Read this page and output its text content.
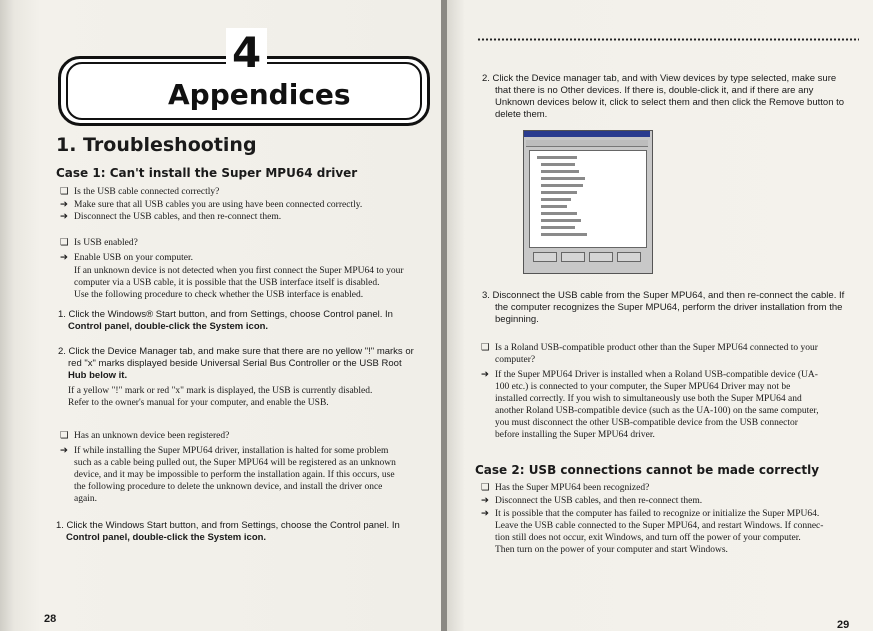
4
Appendices
1. Troubleshooting
Case 1: Can't install the Super MPU64 driver
❑ Is the USB cable connected correctly?
➔ Make sure that all USB cables you are using have been connected correctly.
➔ Disconnect the USB cables, and then re-connect them.
❑ Is USB enabled?
➔ Enable USB on your computer.
If an unknown device is not detected when you first connect the Super MPU64 to your
computer via a USB cable, it is possible that the USB interface itself is disabled.
Use the following procedure to check whether the USB interface is enabled.
1. Click the Windows® Start button, and from Settings, choose Control panel. In
Control panel, double-click the System icon.
2. Click the Device Manager tab, and make sure that there are no yellow "!" marks or
red "x" marks displayed beside Universal Serial Bus Controller or the USB Root
Hub below it.
If a yellow "!" mark or red "x" mark is displayed, the USB is currently disabled.
Refer to the owner's manual for your computer, and enable the USB.
❑ Has an unknown device been registered?
➔ If while installing the Super MPU64 driver, installation is halted for some problem
such as a cable being pulled out, the Super MPU64 will be registered as an unknown
device, and it may be impossible to perform the installation again. If this occurs, use
the following procedure to delete the unknown device, and install the driver once
again.
1. Click the Windows Start button, and from Settings, choose the Control panel. In
Control panel, double-click the System icon.
28
2. Click the Device manager tab, and with View devices by type selected, make sure
that there is no Other devices. If there is, double-click it, and if there are any
Unknown devices below it, click to select them and then click the Remove button to
delete them.
3. Disconnect the USB cable from the Super MPU64, and then re-connect the cable. If
the computer recognizes the Super MPU64, perform the driver installation from the
beginning.
❑ Is a Roland USB-compatible product other than the Super MPU64 connected to your
computer?
➔ If the Super MPU64 Driver is installed when a Roland USB-compatible device (UA-
100 etc.) is connected to your computer, the Super MPU64 Driver may not be
installed correctly. If you wish to simultaneously use both the Super MPU64 and
another Roland USB-compatible device (such as the UA-100) on the same computer,
you must disconnect the other USB-compatible device from the USB connector
before installing the Super MPU64 driver.
Case 2: USB connections cannot be made correctly
❑ Has the Super MPU64 been recognized?
➔ Disconnect the USB cables, and then re-connect them.
➔ It is possible that the computer has failed to recognize or initialize the Super MPU64.
Leave the USB cable connected to the Super MPU64, and restart Windows. If connec-
tion still does not occur, exit Windows, and turn off the power of your computer.
Then turn on the power of your computer and start Windows.
29
